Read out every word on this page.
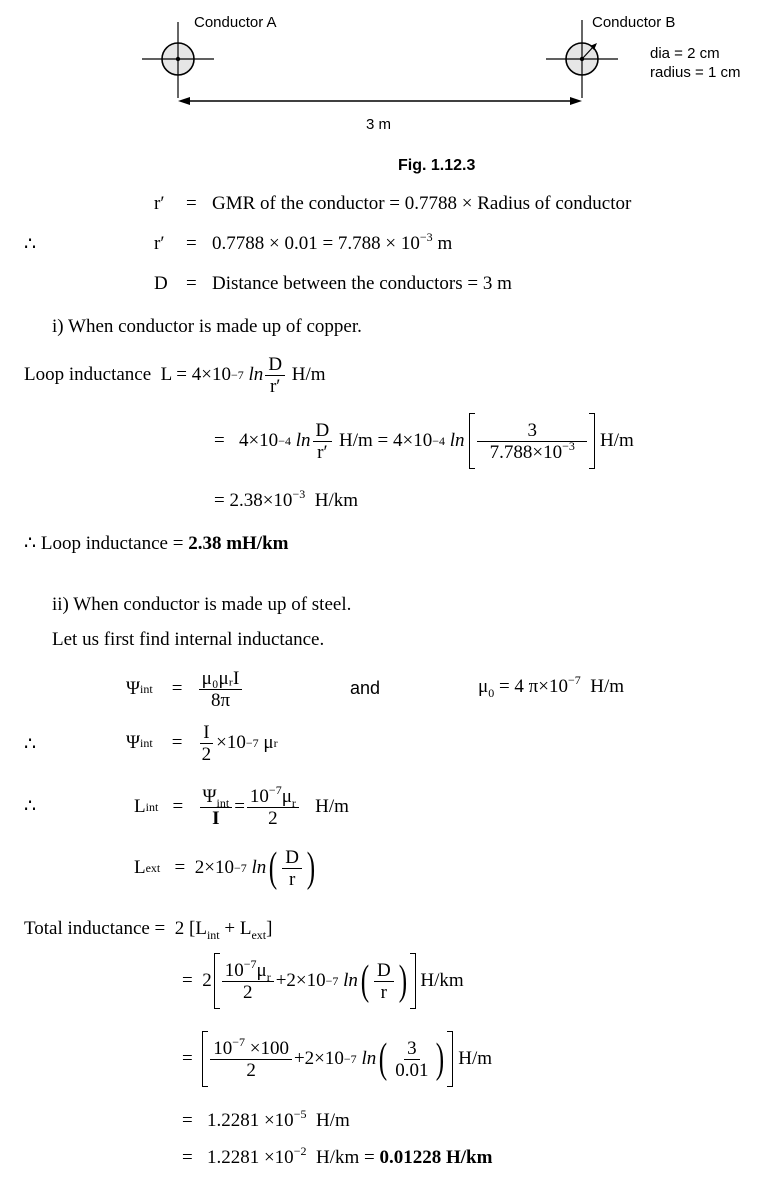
Conductor A	Conductor B
dia = 2 cm
radius = 1 cm
3 m
Fig. 1.12.3
r′ = GMR of the conductor = 0.7788 × Radius of conductor
∴	$r' = 0.7788 \times 0.01 = 7.788 \times 10^{-3}$ m
D = Distance between the conductors = 3 m
i) When conductor is made up of copper.
Loop inductance
L = 4×10 −7
$\ln \frac{D}{r'}$
H/m
=
4×10 −4
$\ln \frac{D}{r'}$
H/m = 4×10 −4
ln
$\frac{3}{7.788\times 10^{-3}}$
H/m
= $2.38\times 10^{-3}$ H/km
∴ Loop inductance = 2.38 mH/km
ii) When conductor is made up of steel.
Let us first find internal inductance.
Ψ int
=
$\frac{\text{μ₀μᵣI}}{8\pi}$	and	$\mu_0 = 4$ $\pi\times 10^{-7}$ H/m
∴	Ψ int
=
$\frac{I}{2} \times 10 -7$
μ r
∴	L int
=
$\frac{\Psi_{int}}{I} = \frac{10^{-7}\mu_r}{2}$
H/m
L ext
=
2×10 −7
ln ( $\frac{D}{r}$ )
Total inductance = 2 $[L_{int} + L_{ext}]$
=
$2 \frac{10^{-7}\mu_r}{2} +2\times 10 -7$
ln ( $\frac{D}{r}$ )
H/km
=
$\frac{10^{-7} \times 100}{2} +2\times 10 -7$
ln ( $\frac{3}{0.01}$ )
H/m
= $1.2281 \times 10^{-5}$ H/m
= $1.2281 \times 10^{-2}$ H/km = 0.01228 H/km
